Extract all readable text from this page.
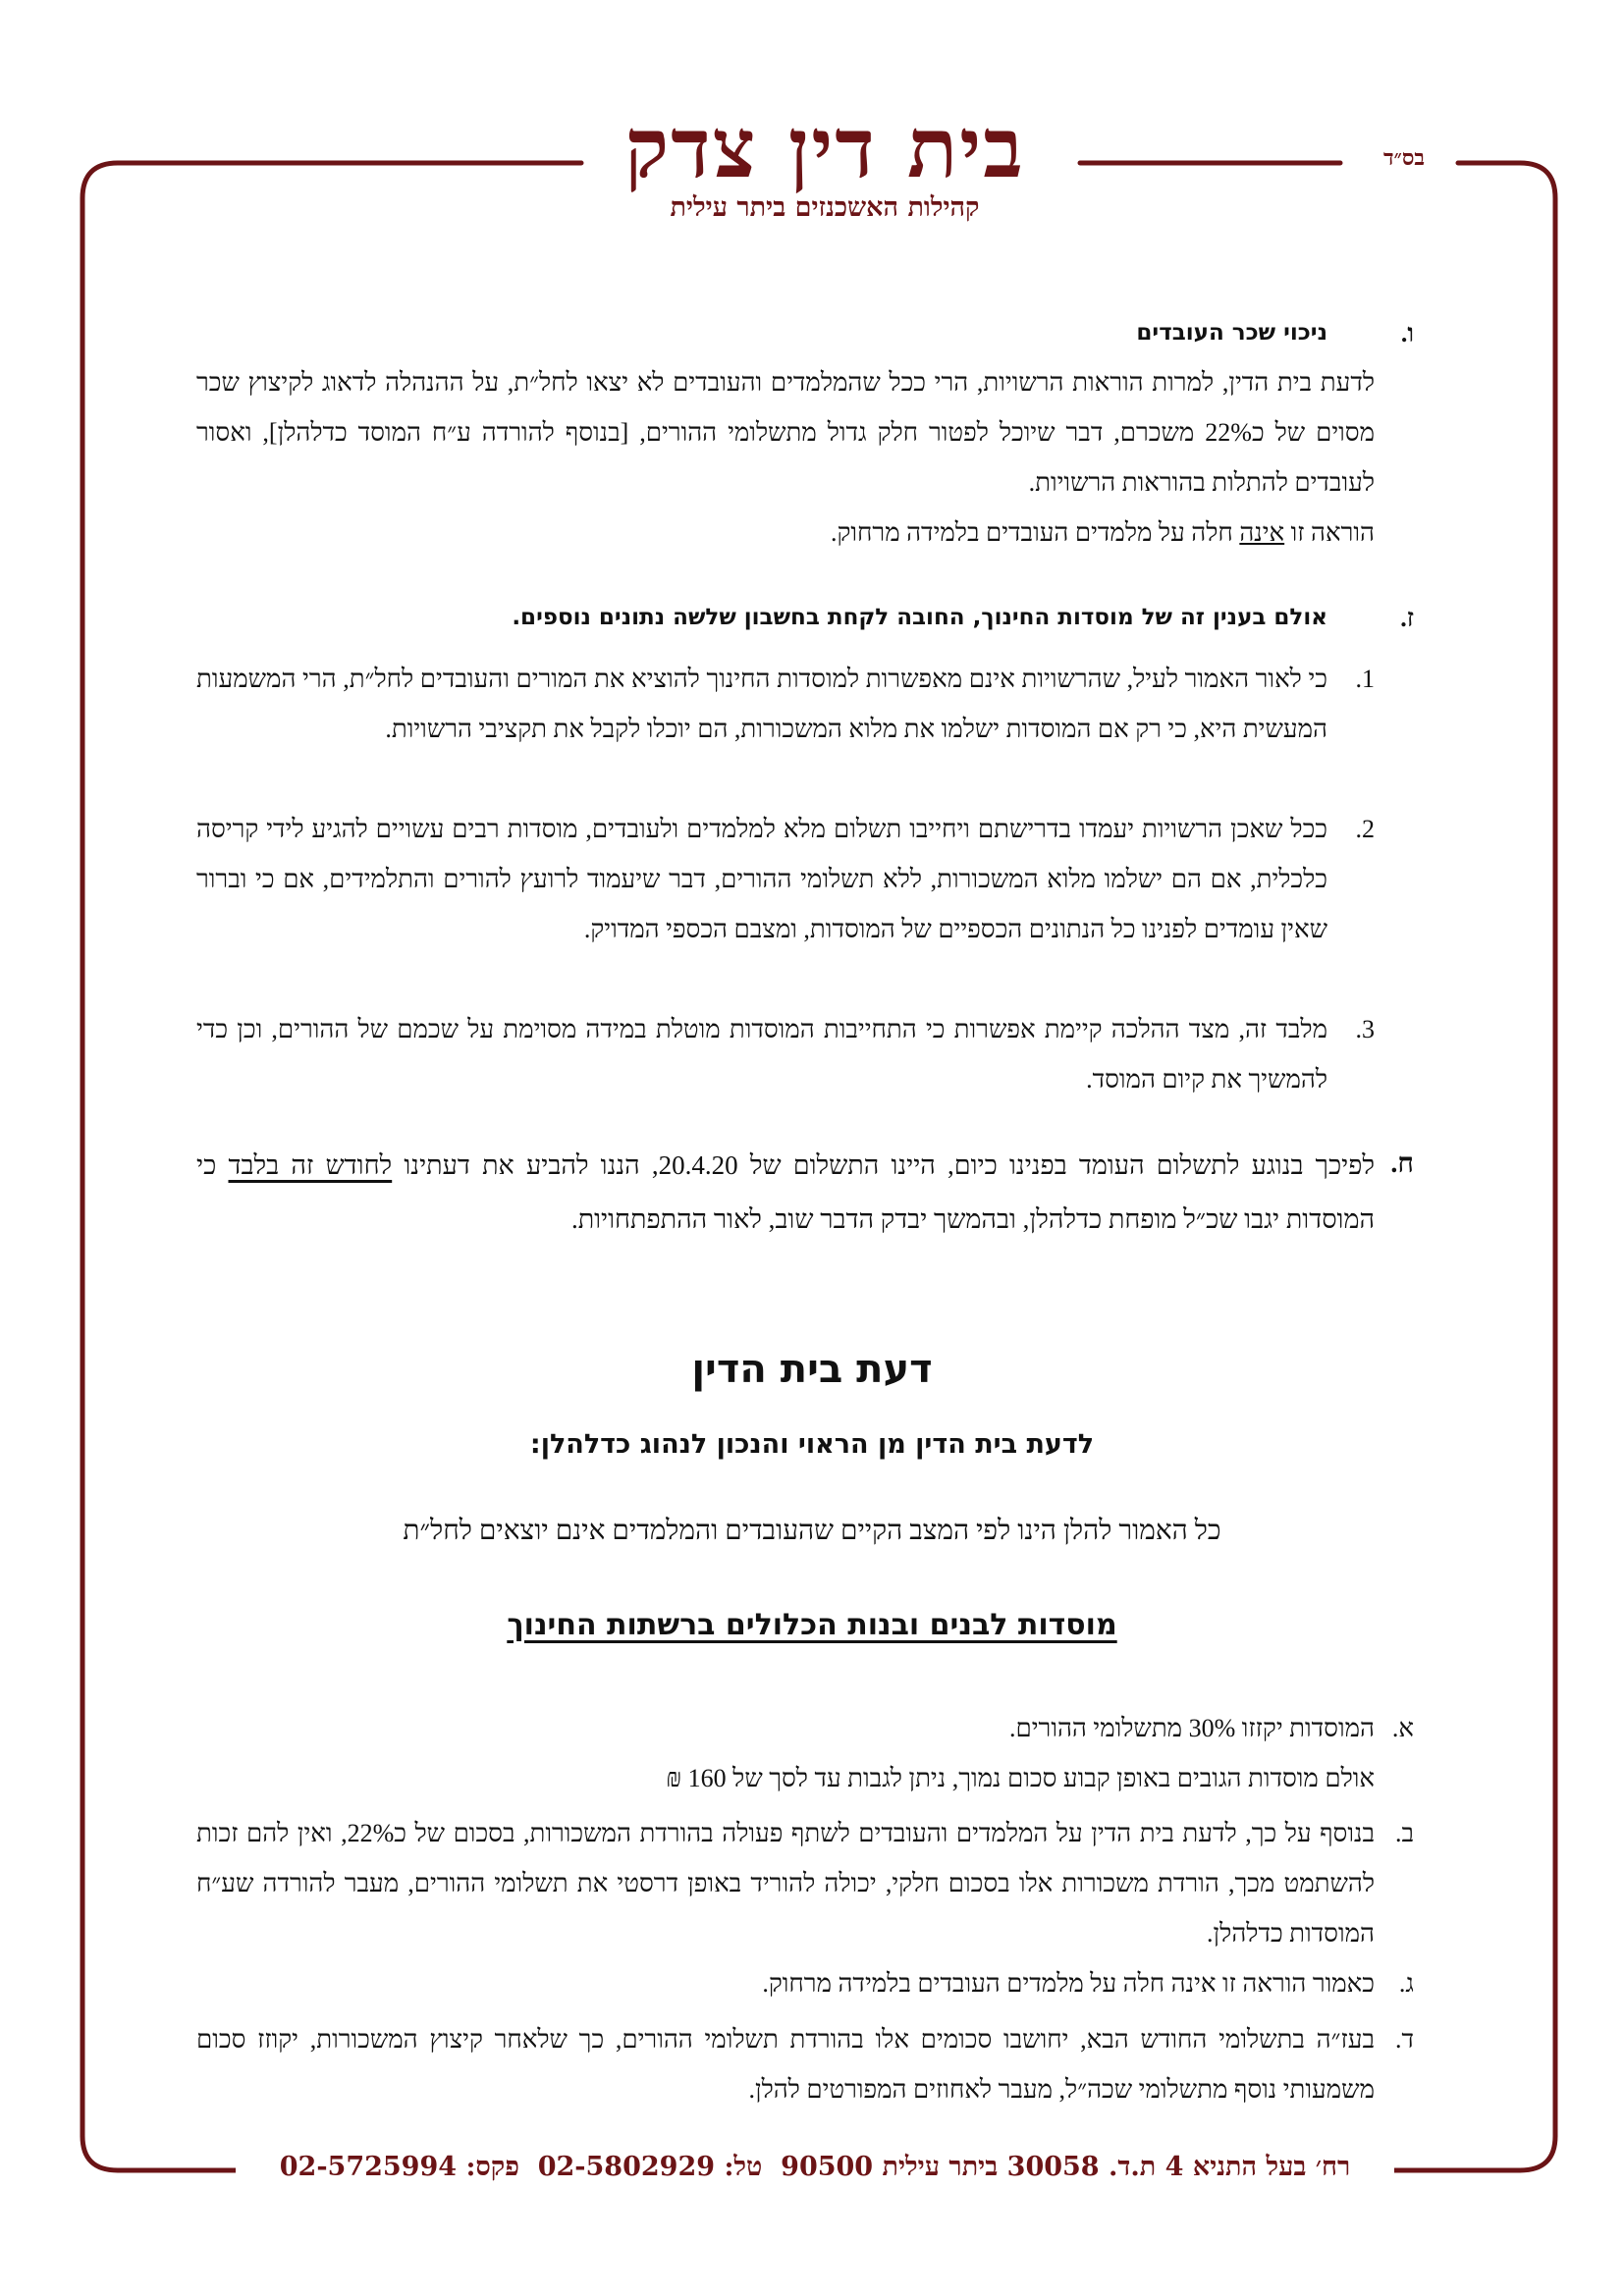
בס״ד
בית דין צדק
קהילות האשכנזים ביתר עילית
ו.
ניכוי שכר העובדים
לדעת בית הדין, למרות הוראות הרשויות, הרי ככל שהמלמדים והעובדים לא יצאו לחל״ת, על ההנהלה לדאוג לקיצוץ שכר מסוים של כ22% משכרם, דבר שיוכל לפטור חלק גדול מתשלומי ההורים, [בנוסף להורדה ע״ח המוסד כדלהלן], ואסור לעובדים להתלות בהוראות הרשויות.
הוראה זו אינה חלה על מלמדים העובדים בלמידה מרחוק.
ז.
אולם בענין זה של מוסדות החינוך, החובה לקחת בחשבון שלשה נתונים נוספים.
1.
כי לאור האמור לעיל, שהרשויות אינם מאפשרות למוסדות החינוך להוציא את המורים והעובדים לחל״ת, הרי המשמעות המעשית היא, כי רק אם המוסדות ישלמו את מלוא המשכורות, הם יוכלו לקבל את תקציבי הרשויות.
2.
ככל שאכן הרשויות יעמדו בדרישתם ויחייבו תשלום מלא למלמדים ולעובדים, מוסדות רבים עשויים להגיע לידי קריסה כלכלית, אם הם ישלמו מלוא המשכורות, ללא תשלומי ההורים, דבר שיעמוד לרועץ להורים והתלמידים, אם כי וברור שאין עומדים לפנינו כל הנתונים הכספיים של המוסדות, ומצבם הכספי המדויק.
3.
מלבד זה, מצד ההלכה קיימת אפשרות כי התחייבות המוסדות מוטלת במידה מסוימת על שכמם של ההורים, וכן כדי להמשיך את קיום המוסד.
ח.
לפיכך בנוגע לתשלום העומד בפנינו כיום, היינו התשלום של 20.4.20, הננו להביע את דעתינו לחודש זה בלבד כי המוסדות יגבו שכ״ל מופחת כדלהלן, ובהמשך יבדק הדבר שוב, לאור ההתפתחויות.
דעת בית הדין
לדעת בית הדין מן הראוי והנכון לנהוג כדלהלן:
כל האמור להלן הינו לפי המצב הקיים שהעובדים והמלמדים אינם יוצאים לחל״ת
מוסדות לבנים ובנות הכלולים ברשתות החינוך
א.
המוסדות יקזזו 30% מתשלומי ההורים.
אולם מוסדות הגובים באופן קבוע סכום נמוך, ניתן לגבות עד לסך של 160 ₪
ב.
בנוסף על כך, לדעת בית הדין על המלמדים והעובדים לשתף פעולה בהורדת המשכורות, בסכום של כ22%, ואין להם זכות להשתמט מכך, הורדת משכורות אלו בסכום חלקי, יכולה להוריד באופן דרסטי את תשלומי ההורים, מעבר להורדה שע״ח המוסדות כדלהלן.
ג.
כאמור הוראה זו אינה חלה על מלמדים העובדים בלמידה מרחוק.
ד.
בעז״ה בתשלומי החודש הבא, יחושבו סכומים אלו בהורדת תשלומי ההורים, כך שלאחר קיצוץ המשכורות, יקוזז סכום משמעותי נוסף מתשלומי שכה״ל, מעבר לאחוזים המפורטים להלן.
רח׳ בעל התניא 4 ת.ד. 30058 ביתר עילית 90500  טל: 02-5802929  פקס: 02-5725994
